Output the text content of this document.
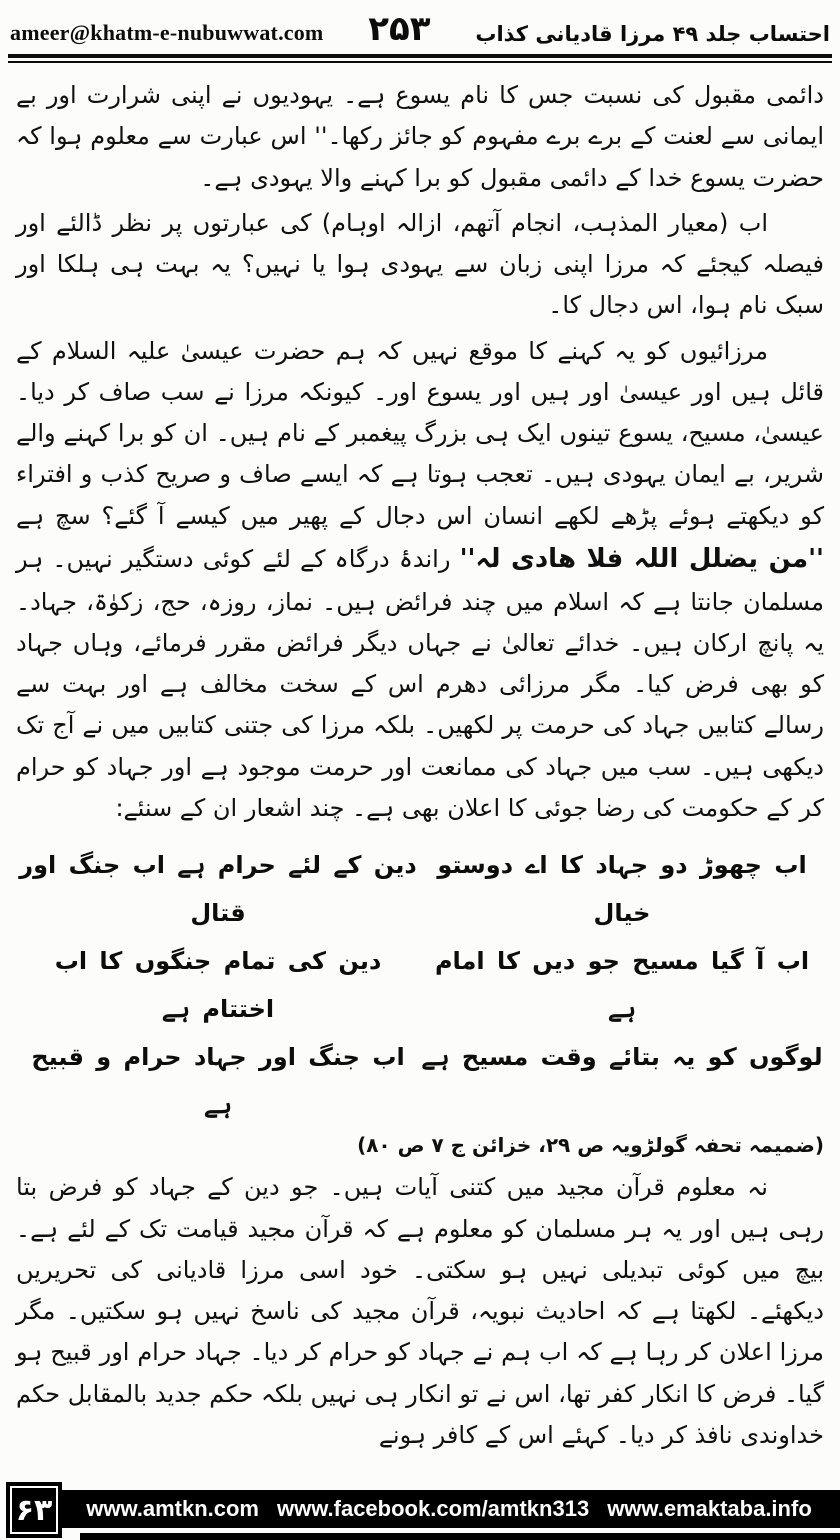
ameer@khatm-e-nubuwwat.com ۲۵۳ احتساب جلد ۴۹ مرزا قادیانی کذاب

دائمی مقبول کی نسبت جس کا نام یسوع ہے۔ یہودیوں نے اپنی شرارت اور بے ایمانی سے لعنت کے برے برے مفہوم کو جائز رکھا۔'' اس عبارت سے معلوم ہوا کہ حضرت یسوع خدا کے دائمی مقبول کو برا کہنے والا یہودی ہے۔

اب (معیار المذہب، انجام آتھم، ازالہ اوہام) کی عبارتوں پر نظر ڈالئے اور فیصلہ کیجئے کہ مرزا اپنی زبان سے یہودی ہوا یا نہیں؟ یہ بہت ہی ہلکا اور سبک نام ہوا، اس دجال کا۔

مرزائیوں کو یہ کہنے کا موقع نہیں کہ ہم حضرت عیسیٰ علیہ السلام کے قائل ہیں اور عیسیٰ اور ہیں اور یسوع اور۔ کیونکہ مرزا نے سب صاف کر دیا۔ عیسیٰ، مسیح، یسوع تینوں ایک ہی بزرگ پیغمبر کے نام ہیں۔ ان کو برا کہنے والے شریر، بے ایمان یہودی ہیں۔ تعجب ہوتا ہے کہ ایسے صاف و صریح کذب و افتراء کو دیکھتے ہوئے پڑھے لکھے انسان اس دجال کے پھیر میں کیسے آ گئے؟ سچ ہے ''من یضلل اللہ فلا ھادی لہ'' راندۂ درگاہ کے لئے کوئی دستگیر نہیں۔ ہر مسلمان جانتا ہے کہ اسلام میں چند فرائض ہیں۔ نماز، روزہ، حج، زکوٰۃ، جہاد۔ یہ پانچ ارکان ہیں۔ خدائے تعالیٰ نے جہاں دیگر فرائض مقرر فرمائے، وہاں جہاد کو بھی فرض کیا۔ مگر مرزائی دھرم اس کے سخت مخالف ہے اور بہت سے رسالے کتابیں جہاد کی حرمت پر لکھیں۔ بلکہ مرزا کی جتنی کتابیں میں نے آج تک دیکھی ہیں۔ سب میں جہاد کی ممانعت اور حرمت موجود ہے اور جہاد کو حرام کر کے حکومت کی رضا جوئی کا اعلان بھی ہے۔ چند اشعار ان کے سنئے:

اب چھوڑ دو جہاد کا اے دوستو خیال
دین کے لئے حرام ہے اب جنگ اور قتال
اب آ گیا مسیح جو دیں کا امام ہے
دین کی تمام جنگوں کا اب اختتام ہے
لوگوں کو یہ بتائے وقت مسیح ہے
اب جنگ اور جہاد حرام و قبیح ہے
(ضمیمہ تحفہ گولڑویہ ص ۲۹، خزائن ج ۷ ص ۸۰)

نہ معلوم قرآن مجید میں کتنی آیات ہیں۔ جو دین کے جہاد کو فرض بتا رہی ہیں اور یہ ہر مسلمان کو معلوم ہے کہ قرآن مجید قیامت تک کے لئے ہے۔ بیچ میں کوئی تبدیلی نہیں ہو سکتی۔ خود اسی مرزا قادیانی کی تحریریں دیکھئے۔ لکھتا ہے کہ احادیث نبویہ، قرآن مجید کی ناسخ نہیں ہو سکتیں۔ مگر مرزا اعلان کر رہا ہے کہ اب ہم نے جہاد کو حرام کر دیا۔ جہاد حرام اور قبیح ہو گیا۔ فرض کا انکار کفر تھا، اس نے تو انکار ہی نہیں بلکہ حکم جدید بالمقابل حکم خداوندی نافذ کر دیا۔ کہئے اس کے کافر ہونے

www.amtkn.com www.facebook.com/amtkn313 www.emaktaba.info
۶۳
